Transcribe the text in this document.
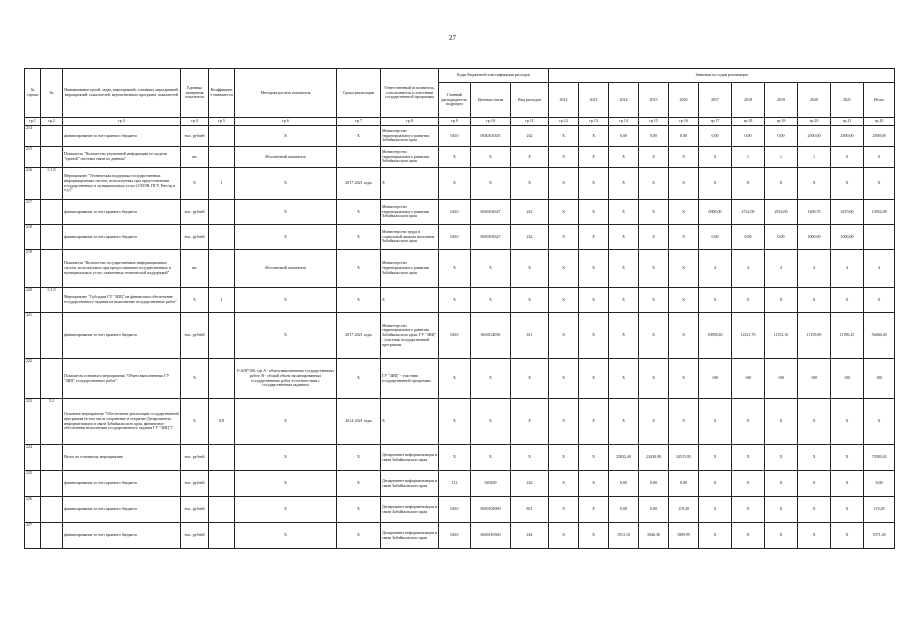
27
№ строки	№	Наименование целей, задач, мероприятий, основных мероприятий, мероприятий, показателей, ведомственных программ, показателей	Единица измерения показателя	Коэффициент значимости	Методика расчета показателя	Сроки реализации	Ответственный исполнитель, соисполнитель и участники государственной программы	Коды бюджетной классификации расходов			Значения по годам реализации										
								Главный распорядитель, подраздел	Целевая статья	Вид расходов	2012	2013	2014	2015	2016	2017	2018	2019	2020	2021	Итого
гр.1	гр.2	гр.3	гр.4	гр.5	гр.6	гр.7	гр.8	гр.9	гр.10	гр.11	гр.12	гр.13	гр.14	гр.15	гр.16	гр.17	гр.18	гр.19	гр.20	гр.21	гр.20
214		финансирование за счет краевого бюджета	тыс. рублей		Х	Х	Министерство территориального развития Забайкальского края	0410	0630104335	242	Х	Х	0,00	0,00	0,00	0,00	0,00	0,00	2500,00	2500,00	2500,00
215		Показатель "Количество улучшений информации по модели "единой" системы связи по данным"	шт.		Абсолютный показатель		Министерство территориального развития Забайкальского края	Х	Х	Х	Х	Х	Х	Х	Х	Х	1	1	1	0	0
216	5.1.8	Мероприятие "Техническая поддержка государственных информационных систем, используемых при предоставлении государственных и муниципальных услуг (СМЭВ, ПГУ, Реестр и т.д.)"	Х	1	Х	2017-2021 годы	Х	Х	Х	Х	Х	Х	Х	Х	Х	Х	Х	Х	Х	Х	Х
217		финансирование за счет краевого бюджета	тыс. рублей		Х	Х	Министерство территориального развития Забайкальского края	0410	0630104347	242	Х	Х	Х	Х	Х	0000,00	2722,90	2914,00	1409,70	3470,00	13952,90
218		финансирование за счет краевого бюджета	тыс. рублей		Х	Х	Министерство труда и социальной защиты населения Забайкальского края	0410	0630104347	242	Х	Х	Х	Х	Х	0,00	0,00	0,00	1000,00	1000,00	
219		Показатель "Количество государственных информационных систем, используемых при предоставлении государственных и муниципальных услуг, охваченных технической поддержкой"	шт.		Абсолютный показатель	Х	Министерство территориального развития Забайкальского края	Х	Х	Х	Х	Х	Х	Х	Х	4	4	4	4	4	4
220	5.1.9	Мероприятие "Субсидия ГУ "ЗИЦ" на финансовое обеспечение государственного задания на выполнение государственных работ"	Х	1	Х	Х	Х	Х	Х	Х	Х	Х	Х	Х	Х	Х	Х	Х	Х	Х	Х
221		финансирование за счет краевого бюджета	тыс. рублей		Х	2017-2021 годы	Министерство территориального развития Забайкальского края; ГУ "ЗИЦ" - участник государственной программы	0410	0630114050	611	Х	Х	Х	Х	Х	10858,40	12211,70	11152,10	11159,00	11186,25	56466,40
222		Показатель основного мероприятия "Объем выполненных ГУ "ЗИЦ" государственных работ"	%		I=A/B*100, где A - объем выполненных государственных работ; B - общий объем запланированных государственных работ в соответствии с государственным заданием	Х	ГУ "ЗИЦ" - участник государственной программы	Х	Х	Х	Х	Х	Х	Х	Х	100	100	100	100	100	100
223	5.2	Основное мероприятие "Обеспечение реализации государственной программы (в том числе сохранение и открытие Департамента информатизации и связи Забайкальского края, финансовое обеспечение выполнения государственного задания ГУ "ЗИЦ")"	Х	0,8	Х	2014-2021 годы	Х	Х	Х	Х	Х	Х	Х	Х	Х	Х	Х	Х	Х	Х	Х
224		Итого по основному мероприятию	тыс. рублей		Х	Х	Департамент информатизации и связи Забайкальского края	Х	Х	Х	Х	Х	25832,40	23430,90	24515,95	Х	Х	Х	Х	Х	73583,63
225		финансирование за счет краевого бюджета	тыс. рублей		Х	Х	Департамент информатизации и связи Забайкальского края	112	920209	242	Х	Х	0,00	0,00	0,00	Х	Х	Х	Х	Х	0,00
226		финансирование за счет краевого бюджета	тыс. рублей		Х	Х	Департамент информатизации и связи Забайкальского края	0410	0630104900	851	Х	Х	0,00	0,00	119,28	Х	Х	Х	Х	Х	119,28
227		финансирование за счет краевого бюджета	тыс. рублей		Х	Х	Департамент информатизации и связи Забайкальского края	0410	0630149300	244	Х	Х	1913,10	1846,30	1809,99	Х	Х	Х	Х	Х	5571,49
